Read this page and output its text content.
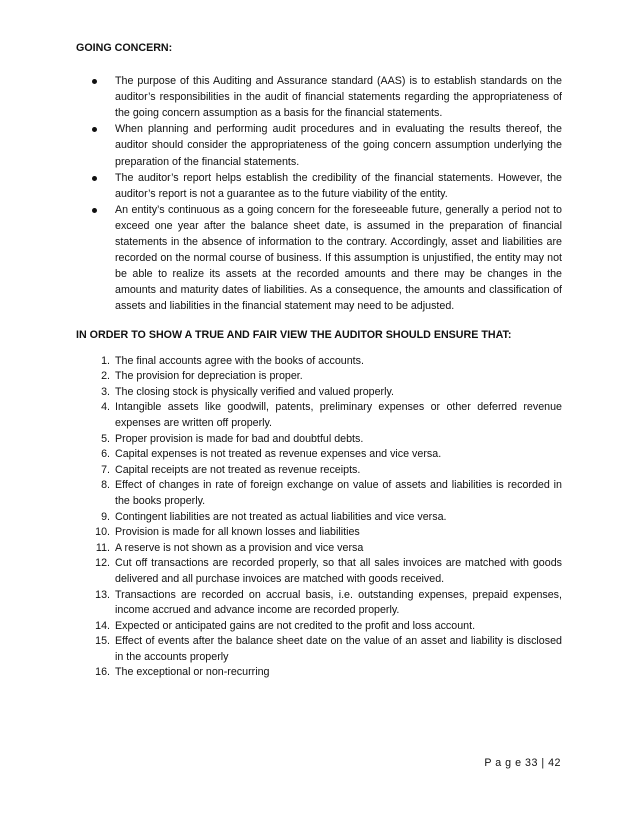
GOING CONCERN:
The purpose of this Auditing and Assurance standard (AAS) is to establish standards on the auditor’s responsibilities in the audit of financial statements regarding the appropriateness of the going concern assumption as a basis for the financial statements.
When planning and performing audit procedures and in evaluating the results thereof, the auditor should consider the appropriateness of the going concern assumption underlying the preparation of the financial statements.
The auditor’s report helps establish the credibility of the financial statements. However, the auditor’s report is not a guarantee as to the future viability of the entity.
An entity’s continuous as a going concern for the foreseeable future, generally a period not to exceed one year after the balance sheet date, is assumed in the preparation of financial statements in the absence of information to the contrary. Accordingly, asset and liabilities are recorded on the normal course of business. If this assumption is unjustified, the entity may not be able to realize its assets at the recorded amounts and there may be changes in the amounts and maturity dates of liabilities. As a consequence, the amounts and classification of assets and liabilities in the financial statement may need to be adjusted.
IN ORDER TO SHOW A TRUE AND FAIR VIEW THE AUDITOR SHOULD ENSURE THAT:
1. The final accounts agree with the books of accounts.
2. The provision for depreciation is proper.
3. The closing stock is physically verified and valued properly.
4. Intangible assets like goodwill, patents, preliminary expenses or other deferred revenue expenses are written off properly.
5. Proper provision is made for bad and doubtful debts.
6. Capital expenses is not treated as revenue expenses and vice versa.
7. Capital receipts are not treated as revenue receipts.
8. Effect of changes in rate of foreign exchange on value of assets and liabilities is recorded in the books properly.
9. Contingent liabilities are not treated as actual liabilities and vice versa.
10. Provision is made for all known losses and liabilities
11. A reserve is not shown as a provision and vice versa
12. Cut off transactions are recorded properly, so that all sales invoices are matched with goods delivered and all purchase invoices are matched with goods received.
13. Transactions are recorded on accrual basis, i.e. outstanding expenses, prepaid expenses, income accrued and advance income are recorded properly.
14. Expected or anticipated gains are not credited to the profit and loss account.
15. Effect of events after the balance sheet date on the value of an asset and liability is disclosed in the accounts properly
16. The exceptional or non-recurring
P a g e 33 | 42
